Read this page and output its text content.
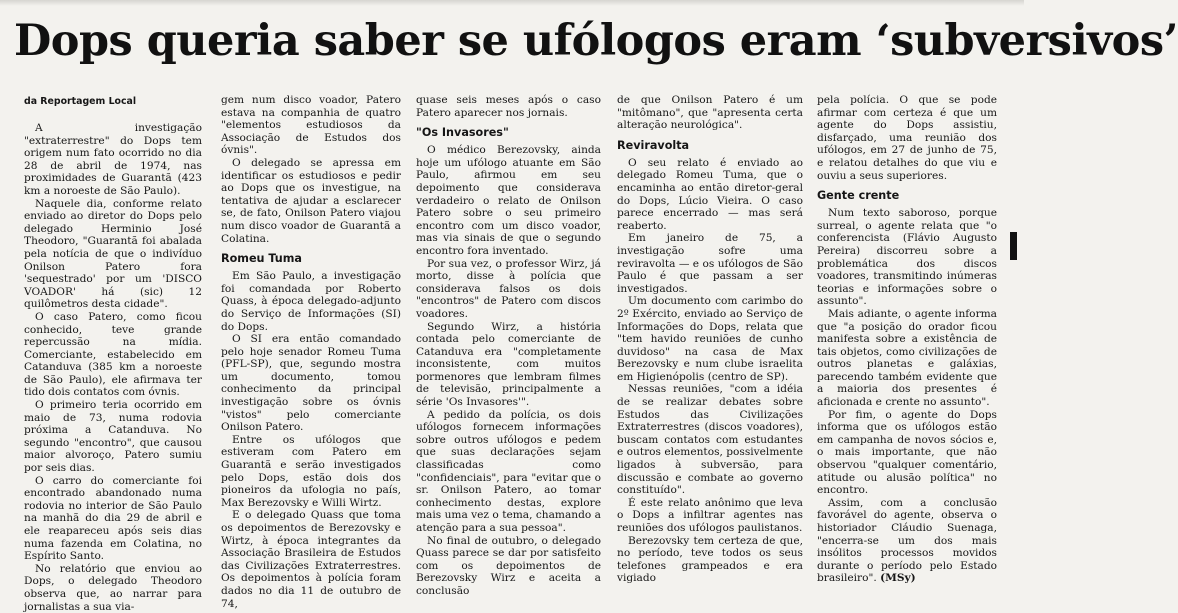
Dops queria saber se ufólogos eram ‘subversivos’
da Reportagem Local

A investigação "extraterrestre" do Dops tem origem num fato ocorrido no dia 28 de abril de 1974, nas proximidades de Guarantã (423 km a noroeste de São Paulo).

Naquele dia, conforme relato enviado ao diretor do Dops pelo delegado Herminio José Theodoro, "Guarantã foi abalada pela notícia de que o indivíduo Onilson Patero fora 'sequestrado' por um 'DISCO VOADOR' há (sic) 12 quilômetros desta cidade".

O caso Patero, como ficou conhecido, teve grande repercussão na mídia. Comerciante, estabelecido em Catanduva (385 km a noroeste de São Paulo), ele afirmava ter tido dois contatos com óvnis.

O primeiro teria ocorrido em maio de 73, numa rodovia próxima a Catanduva. No segundo "encontro", que causou maior alvoroço, Patero sumiu por seis dias.

O carro do comerciante foi encontrado abandonado numa rodovia no interior de São Paulo na manhã do dia 29 de abril e ele reapareceu após seis dias numa fazenda em Colatina, no Espírito Santo.

No relatório que enviou ao Dops, o delegado Theodoro observa que, ao narrar para jornalistas a sua via-

gem num disco voador, Patero estava na companhia de quatro "elementos estudiosos da Associação de Estudos dos óvnis".

O delegado se apressa em identificar os estudiosos e pedir ao Dops que os investigue, na tentativa de ajudar a esclarecer se, de fato, Onilson Patero viajou num disco voador de Guarantã a Colatina.

Romeu Tuma

Em São Paulo, a investigação foi comandada por Roberto Quass, à época delegado-adjunto do Serviço de Informações (SI) do Dops.

O SI era então comandado pelo hoje senador Romeu Tuma (PFL-SP), que, segundo mostra um documento, tomou conhecimento da principal investigação sobre os óvnis "vistos" pelo comerciante Onilson Patero.

Entre os ufólogos que estiveram com Patero em Guarantã e serão investigados pelo Dops, estão dois dos pioneiros da ufologia no país, Max Berezovsky e Willi Wirtz.

E o delegado Quass que toma os depoimentos de Berezovsky e Wirtz, à época integrantes da Associação Brasileira de Estudos das Civilizações Extraterrestres. Os depoimentos à polícia foram dados no dia 11 de outubro de 74,

quase seis meses após o caso Patero aparecer nos jornais.

"Os Invasores"

O médico Berezovsky, ainda hoje um ufólogo atuante em São Paulo, afirmou em seu depoimento que considerava verdadeiro o relato de Onilson Patero sobre o seu primeiro encontro com um disco voador, mas via sinais de que o segundo encontro fora inventado.

Por sua vez, o professor Wirz, já morto, disse à polícia que considerava falsos os dois "encontros" de Patero com discos voadores.

Segundo Wirz, a história contada pelo comerciante de Catanduva era "completamente inconsistente, com muitos pormenores que lembram filmes de televisão, principalmente a série 'Os Invasores'".

A pedido da polícia, os dois ufólogos fornecem informações sobre outros ufólogos e pedem que suas declarações sejam classificadas como "confidenciais", para "evitar que o sr. Onilson Patero, ao tomar conhecimento destas, explore mais uma vez o tema, chamando a atenção para a sua pessoa".

No final de outubro, o delegado Quass parece se dar por satisfeito com os depoimentos de Berezovsky Wirz e aceita a conclusão

de que Onilson Patero é um "mitômano", que "apresenta certa alteração neurológica".

Reviravolta

O seu relato é enviado ao delegado Romeu Tuma, que o encaminha ao então diretor-geral do Dops, Lúcio Vieira. O caso parece encerrado — mas será reaberto.

Em janeiro de 75, a investigação sofre uma reviravolta — e os ufólogos de São Paulo é que passam a ser investigados.

Um documento com carimbo do 2º Exército, enviado ao Serviço de Informações do Dops, relata que "tem havido reuniões de cunho duvidoso" na casa de Max Berezovsky e num clube israelita em Higienópolis (centro de SP).

Nessas reuniões, "com a idéia de se realizar debates sobre Estudos das Civilizações Extraterrestres (discos voadores), buscam contatos com estudantes e outros elementos, possivelmente ligados à subversão, para discussão e combate ao governo constituído".

É este relato anônimo que leva o Dops a infiltrar agentes nas reuniões dos ufólogos paulistanos.

Berezovsky tem certeza de que, no período, teve todos os seus telefones grampeados e era vigiado

pela polícia. O que se pode afirmar com certeza é que um agente do Dops assistiu, disfarçado, uma reunião dos ufólogos, em 27 de junho de 75, e relatou detalhes do que viu e ouviu a seus superiores.

Gente crente

Num texto saboroso, porque surreal, o agente relata que "o conferencista (Flávio Augusto Pereira) discorreu sobre a problemática dos discos voadores, transmitindo inúmeras teorias e informações sobre o assunto".

Mais adiante, o agente informa que "a posição do orador ficou manifesta sobre a existência de tais objetos, como civilizações de outros planetas e galáxias, parecendo também evidente que a maioria dos presentes é aficionada e crente no assunto".

Por fim, o agente do Dops informa que os ufólogos estão em campanha de novos sócios e, o mais importante, que não observou "qualquer comentário, atitude ou alusão política" no encontro.

Assim, com a conclusão favorável do agente, observa o historiador Cláudio Suenaga, "encerra-se um dos mais insólitos processos movidos durante o período pelo Estado brasileiro". (MSy)
